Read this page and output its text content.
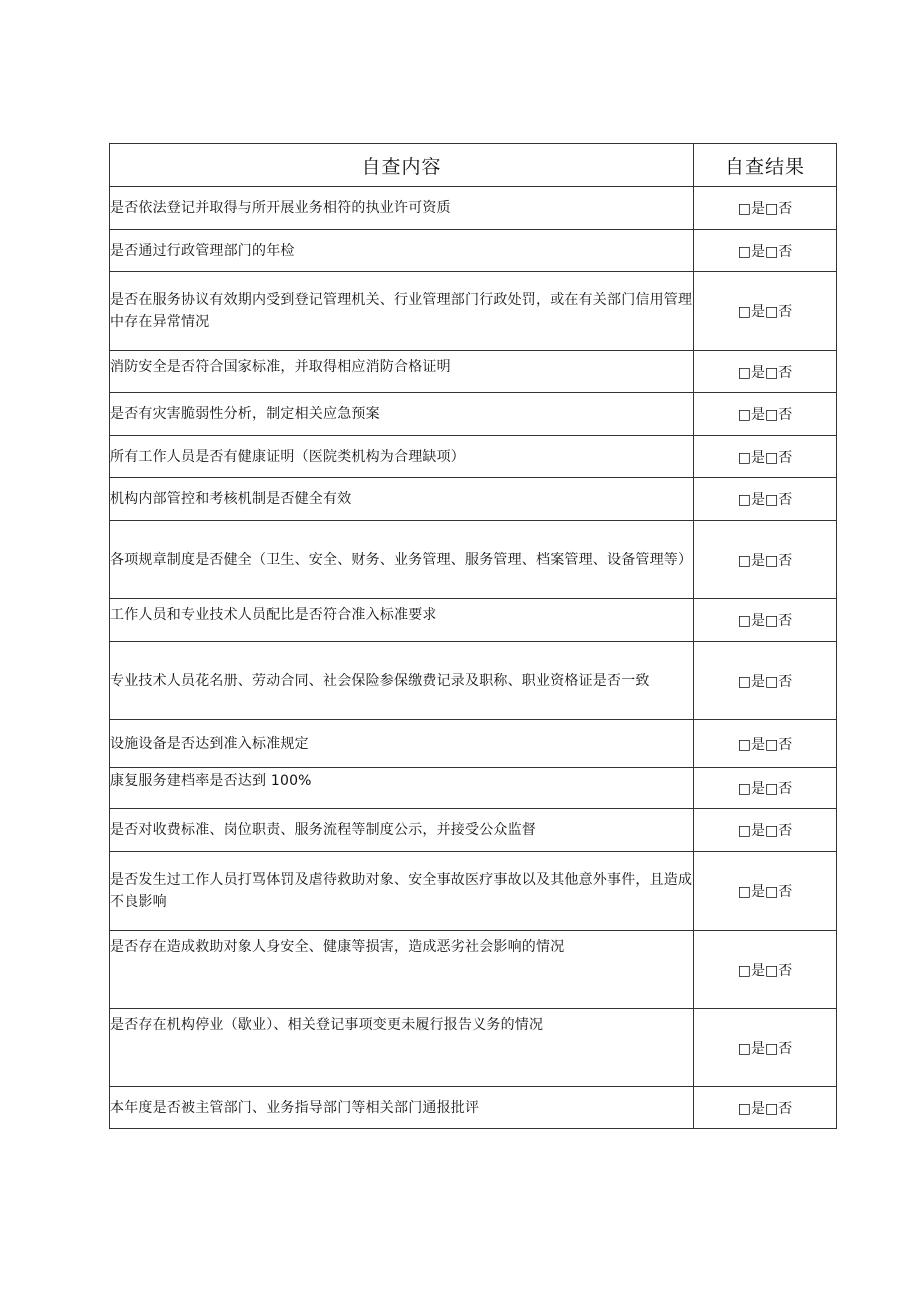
自查内容	自查结果
是否依法登记并取得与所开展业务相符的执业许可资质	□是□否
是否通过行政管理部门的年检	□是□否
是否在服务协议有效期内受到登记管理机关、行业管理部门行政处罚，或在有关部门信用管理中存在异常情况	□是□否
消防安全是否符合国家标准，并取得相应消防合格证明	□是□否
是否有灾害脆弱性分析，制定相关应急预案	□是□否
所有工作人员是否有健康证明（医院类机构为合理缺项）	□是□否
机构内部管控和考核机制是否健全有效	□是□否
各项规章制度是否健全（卫生、安全、财务、业务管理、服务管理、档案管理、设备管理等）	□是□否
工作人员和专业技术人员配比是否符合准入标准要求	□是□否
专业技术人员花名册、劳动合同、社会保险参保缴费记录及职称、职业资格证是否一致	□是□否
设施设备是否达到准入标准规定	□是□否
康复服务建档率是否达到 100%	□是□否
是否对收费标准、岗位职责、服务流程等制度公示，并接受公众监督	□是□否
是否发生过工作人员打骂体罚及虐待救助对象、安全事故医疗事故以及其他意外事件，且造成不良影响	□是□否
是否存在造成救助对象人身安全、健康等损害，造成恶劣社会影响的情况	□是□否
是否存在机构停业（歇业）、相关登记事项变更未履行报告义务的情况	□是□否
本年度是否被主管部门、业务指导部门等相关部门通报批评	□是□否
